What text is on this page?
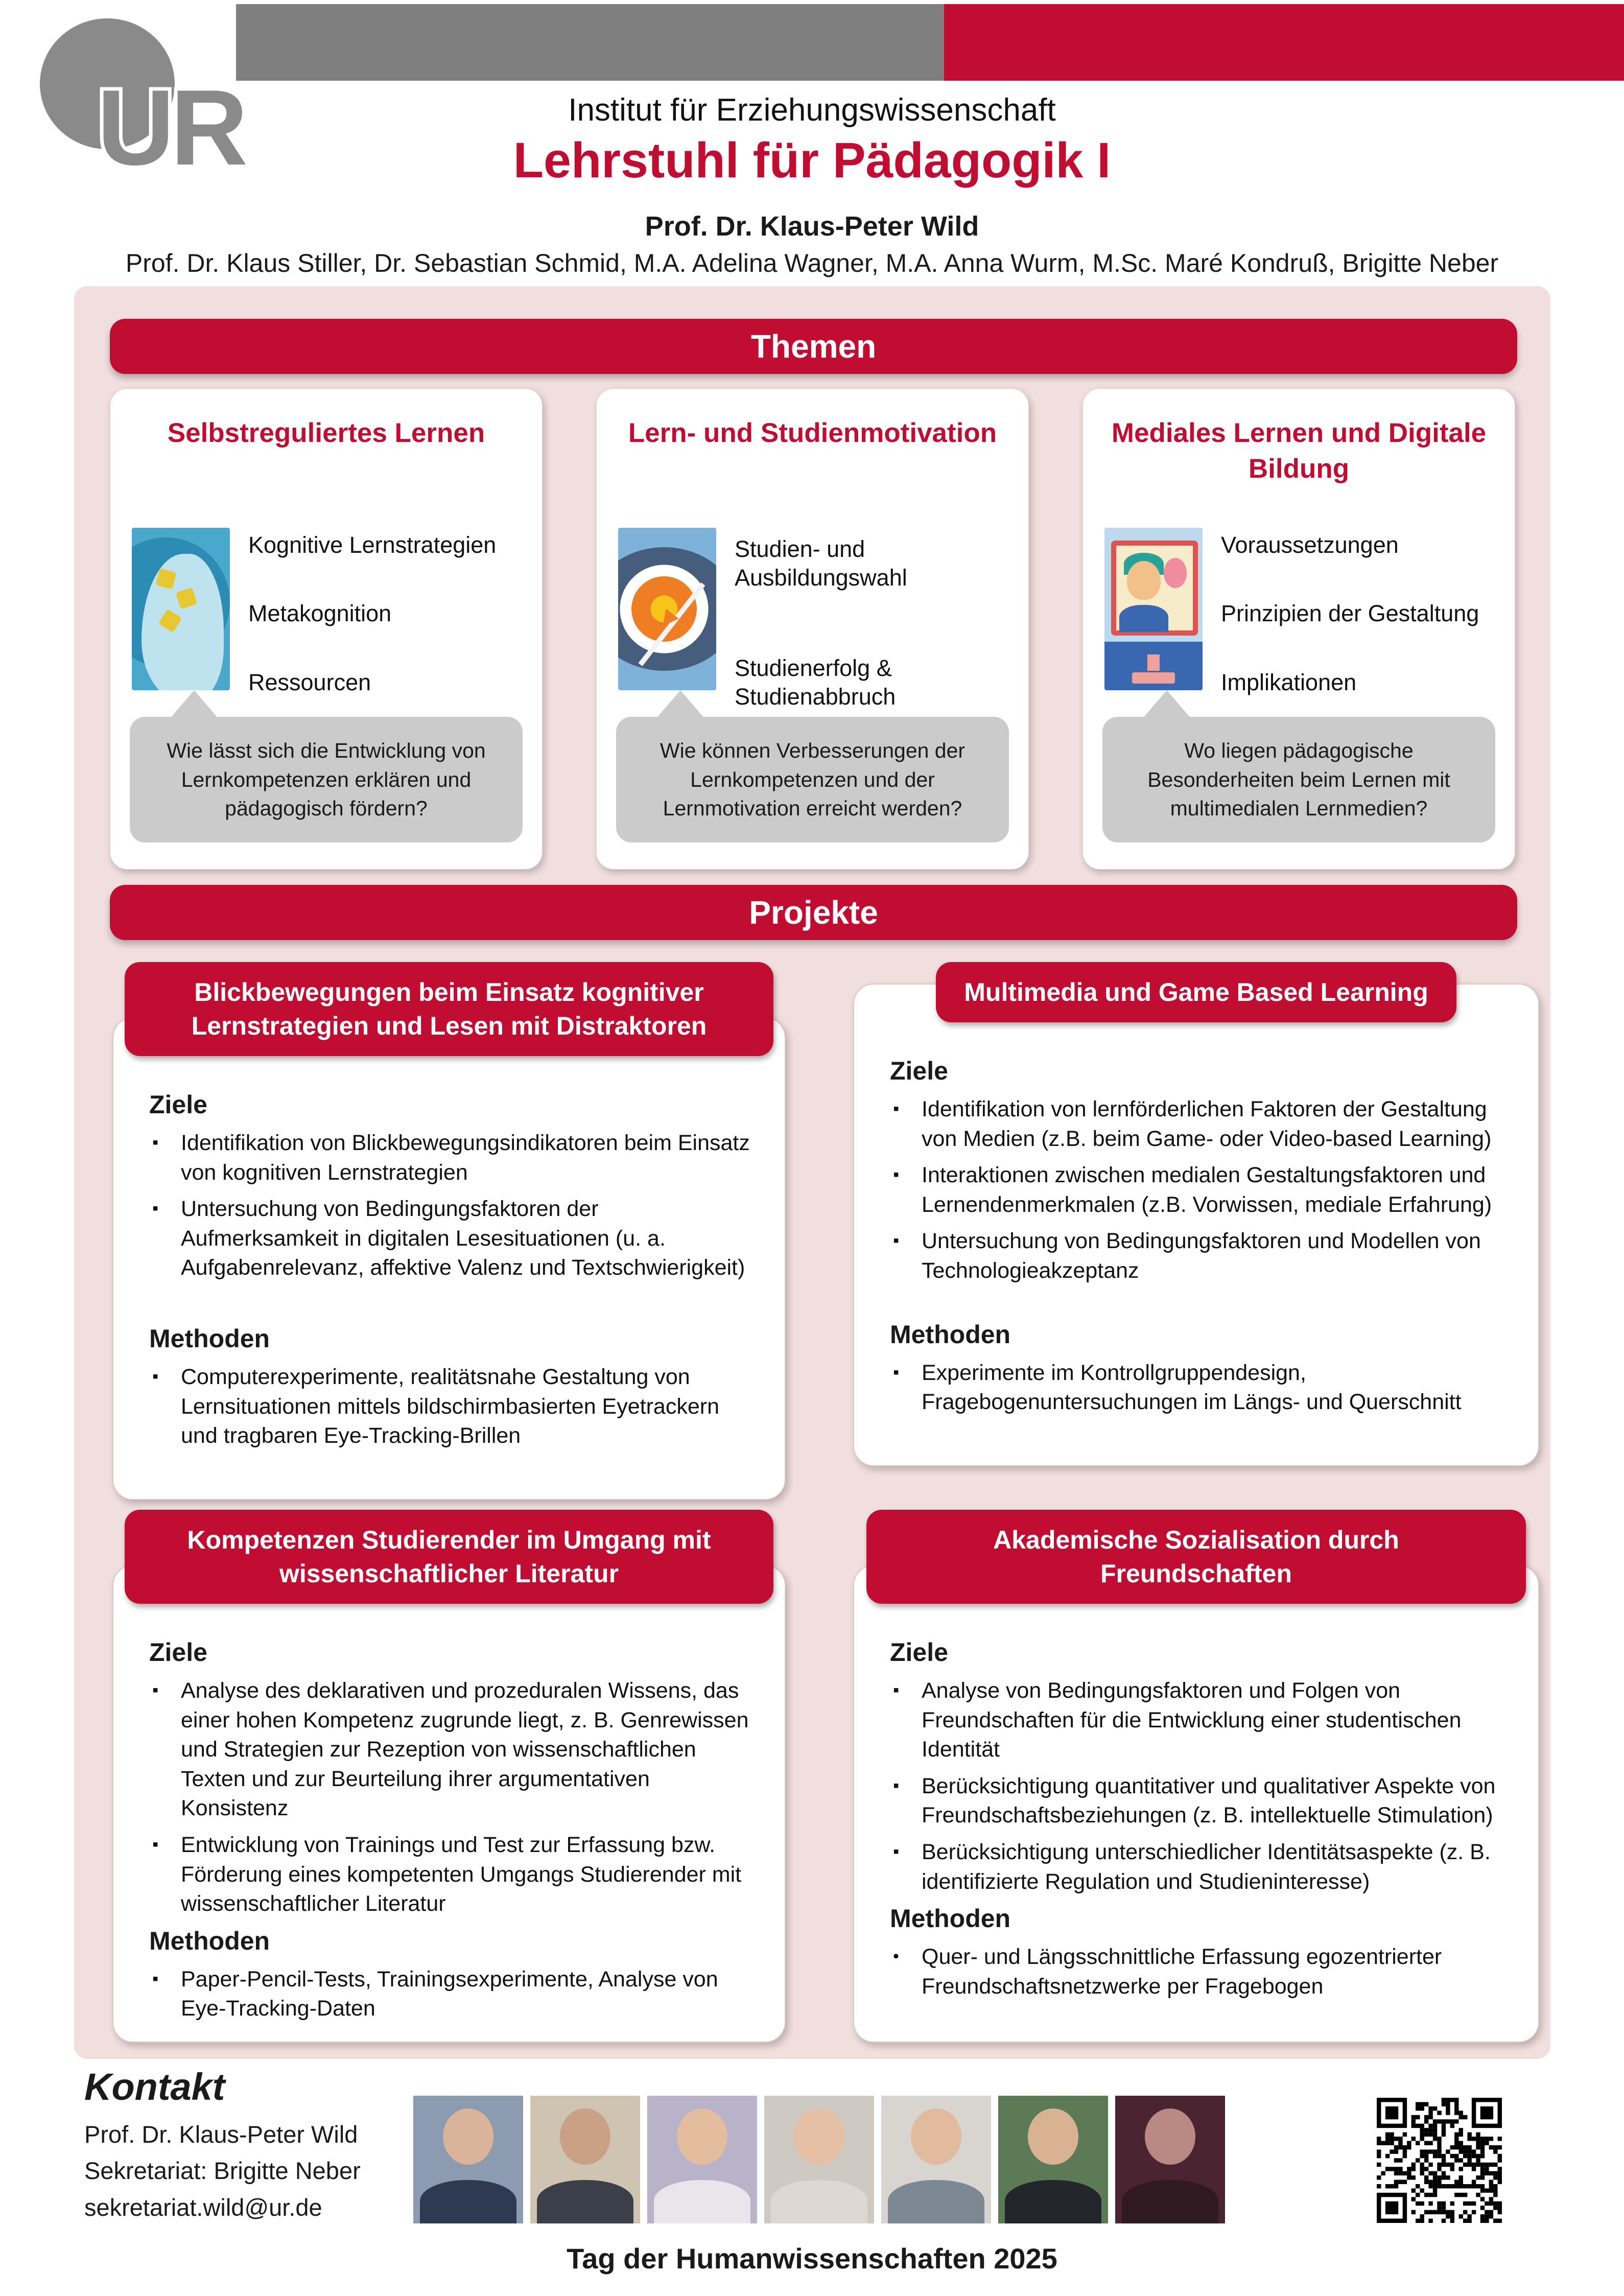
UR	Institut für Erziehungswissenschaft
Lehrstuhl für Pädagogik I
Prof. Dr. Klaus-Peter Wild
Prof. Dr. Klaus Stiller, Dr. Sebastian Schmid, M.A. Adelina Wagner, M.A. Anna Wurm, M.Sc. Maré Kondruß, Brigitte Neber
Themen
Selbstreguliertes Lernen
Kognitive Lernstrategien
Metakognition
Ressourcen
Wie lässt sich die Entwicklung von Lernkompetenzen erklären und pädagogisch fördern?
Lern- und Studienmotivation
Studien- und Ausbildungswahl
Studienerfolg & Studienabbruch
Wie können Verbesserungen der Lernkompetenzen und der Lernmotivation erreicht werden?
Mediales Lernen und Digitale Bildung
Voraussetzungen
Prinzipien der Gestaltung
Implikationen
Wo liegen pädagogische Besonderheiten beim Lernen mit multimedialen Lernmedien?
Projekte
Blickbewegungen beim Einsatz kognitiver Lernstrategien und Lesen mit Distraktoren
Ziele
▪	Identifikation von Blickbewegungsindikatoren beim Einsatz von kognitiven Lernstrategien
▪	Untersuchung von Bedingungsfaktoren der Aufmerksamkeit in digitalen Lesesituationen (u. a. Aufgabenrelevanz, affektive Valenz und Textschwierigkeit)
Methoden
▪	Computerexperimente, realitätsnahe Gestaltung von Lernsituationen mittels bildschirmbasierten Eyetrackern und tragbaren Eye-Tracking-Brillen
Multimedia und Game Based Learning
Ziele
▪	Identifikation von lernförderlichen Faktoren der Gestaltung von Medien (z.B. beim Game- oder Video-based Learning)
▪	Interaktionen zwischen medialen Gestaltungsfaktoren und Lernendenmerkmalen (z.B. Vorwissen, mediale Erfahrung)
▪	Untersuchung von Bedingungsfaktoren und Modellen von Technologieakzeptanz
Methoden
▪	Experimente im Kontrollgruppendesign, Fragebogenuntersuchungen im Längs- und Querschnitt
Kompetenzen Studierender im Umgang mit wissenschaftlicher Literatur
Ziele
▪	Analyse des deklarativen und prozeduralen Wissens, das einer hohen Kompetenz zugrunde liegt, z. B. Genrewissen und Strategien zur Rezeption von wissenschaftlichen Texten und zur Beurteilung ihrer argumentativen Konsistenz
▪	Entwicklung von Trainings und Test zur Erfassung bzw. Förderung eines kompetenten Umgangs Studierender mit wissenschaftlicher Literatur
Methoden
▪	Paper-Pencil-Tests, Trainingsexperimente, Analyse von Eye-Tracking-Daten
Akademische Sozialisation durch Freundschaften
Ziele
▪	Analyse von Bedingungsfaktoren und Folgen von Freundschaften für die Entwicklung einer studentischen Identität
▪	Berücksichtigung quantitativer und qualitativer Aspekte von Freundschaftsbeziehungen (z. B. intellektuelle Stimulation)
▪	Berücksichtigung unterschiedlicher Identitätsaspekte (z. B. identifizierte Regulation und Studieninteresse)
Methoden
•	Quer- und Längsschnittliche Erfassung egozentrierter Freundschaftsnetzwerke per Fragebogen
Kontakt
Prof. Dr. Klaus-Peter Wild
Sekretariat: Brigitte Neber
sekretariat.wild@ur.de
Tag der Humanwissenschaften 2025
